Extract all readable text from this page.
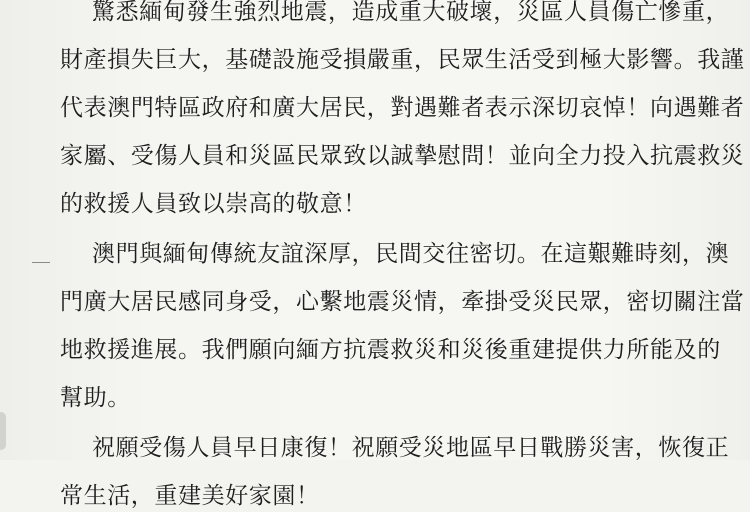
驚悉緬甸發生強烈地震，造成重大破壞，災區人員傷亡慘重，
財產損失巨大，基礎設施受損嚴重，民眾生活受到極大影響。我謹
代表澳門特區政府和廣大居民，對遇難者表示深切哀悼！向遇難者
家屬、受傷人員和災區民眾致以誠摯慰問！並向全力投入抗震救災
的救援人員致以崇高的敬意！
澳門與緬甸傳統友誼深厚，民間交往密切。在這艱難時刻，澳
門廣大居民感同身受，心繫地震災情，牽掛受災民眾，密切關注當
地救援進展。我們願向緬方抗震救災和災後重建提供力所能及的
幫助。
祝願受傷人員早日康復！祝願受災地區早日戰勝災害，恢復正
常生活，重建美好家園！
